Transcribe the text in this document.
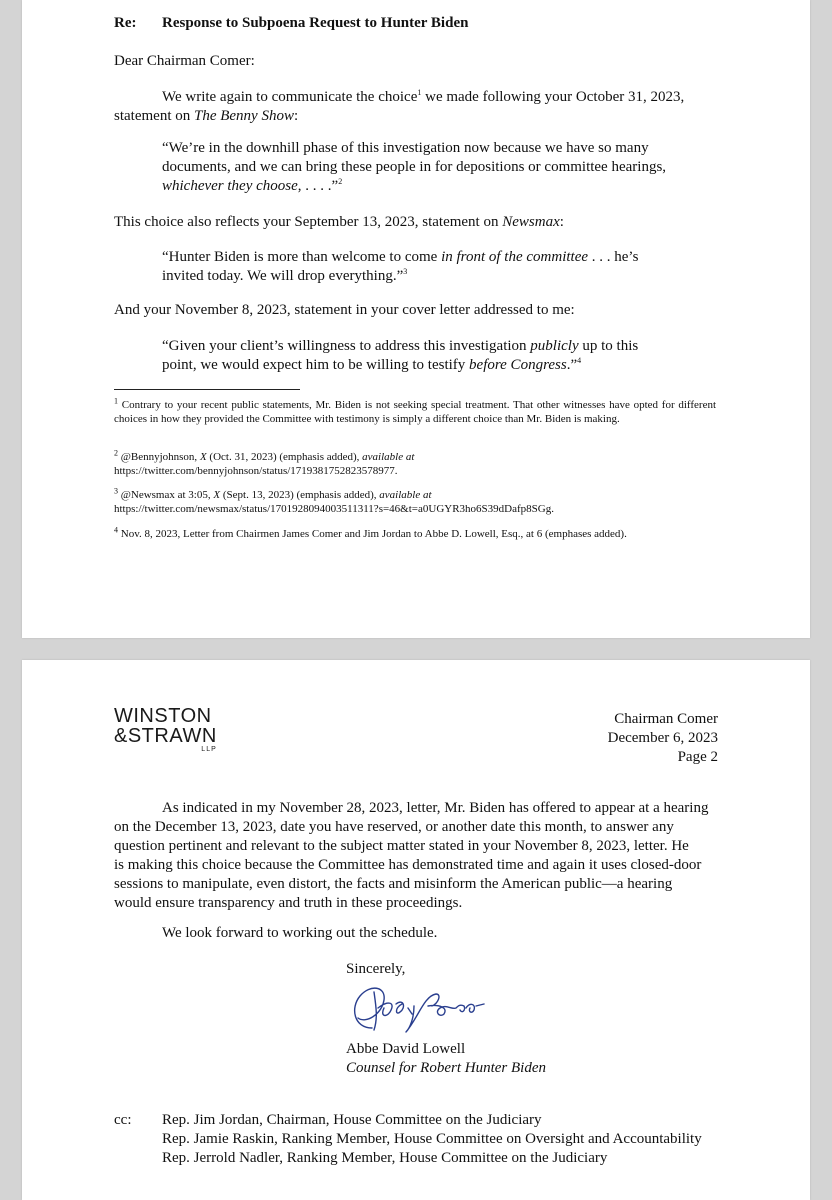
Re: Response to Subpoena Request to Hunter Biden
Dear Chairman Comer:
We write again to communicate the choice$^1$ we made following your October 31, 2023,
statement on The Benny Show:
“We’re in the downhill phase of this investigation now because we have so many
documents, and we can bring these people in for depositions or committee hearings,
whichever they choose, . . . .”$^2$
This choice also reflects your September 13, 2023, statement on Newsmax:
“Hunter Biden is more than welcome to come in front of the committee . . . he’s
invited today. We will drop everything.”$^3$
And your November 8, 2023, statement in your cover letter addressed to me:
“Given your client’s willingness to address this investigation publicly up to this
point, we would expect him to be willing to testify before Congress.”$^4$
$^1$ Contrary to your recent public statements, Mr. Biden is not seeking special treatment. That other witnesses have opted for different choices in how they provided the Committee with testimony is simply a different choice than Mr. Biden is making.
$^2$ @Bennyjohnson, X (Oct. 31, 2023) (emphasis added), available at
https://twitter.com/bennyjohnson/status/1719381752823578977.
$^3$ @Newsmax at 3:05, X (Sept. 13, 2023) (emphasis added), available at
https://twitter.com/newsmax/status/1701928094003511311?s=46&t=a0UGYR3ho6S39dDafp8SGg.
$^4$ Nov. 8, 2023, Letter from Chairmen James Comer and Jim Jordan to Abbe D. Lowell, Esq., at 6 (emphases added).
WINSTON
&STRAWN
LLP
Chairman Comer
December 6, 2023
Page 2
As indicated in my November 28, 2023, letter, Mr. Biden has offered to appear at a hearing
on the December 13, 2023, date you have reserved, or another date this month, to answer any
question pertinent and relevant to the subject matter stated in your November 8, 2023, letter. He
is making this choice because the Committee has demonstrated time and again it uses closed-door
sessions to manipulate, even distort, the facts and misinform the American public—a hearing
would ensure transparency and truth in these proceedings.
We look forward to working out the schedule.
Sincerely,
Abbe David Lowell
Counsel for Robert Hunter Biden
cc: Rep. Jim Jordan, Chairman, House Committee on the Judiciary
Rep. Jamie Raskin, Ranking Member, House Committee on Oversight and Accountability
Rep. Jerrold Nadler, Ranking Member, House Committee on the Judiciary
